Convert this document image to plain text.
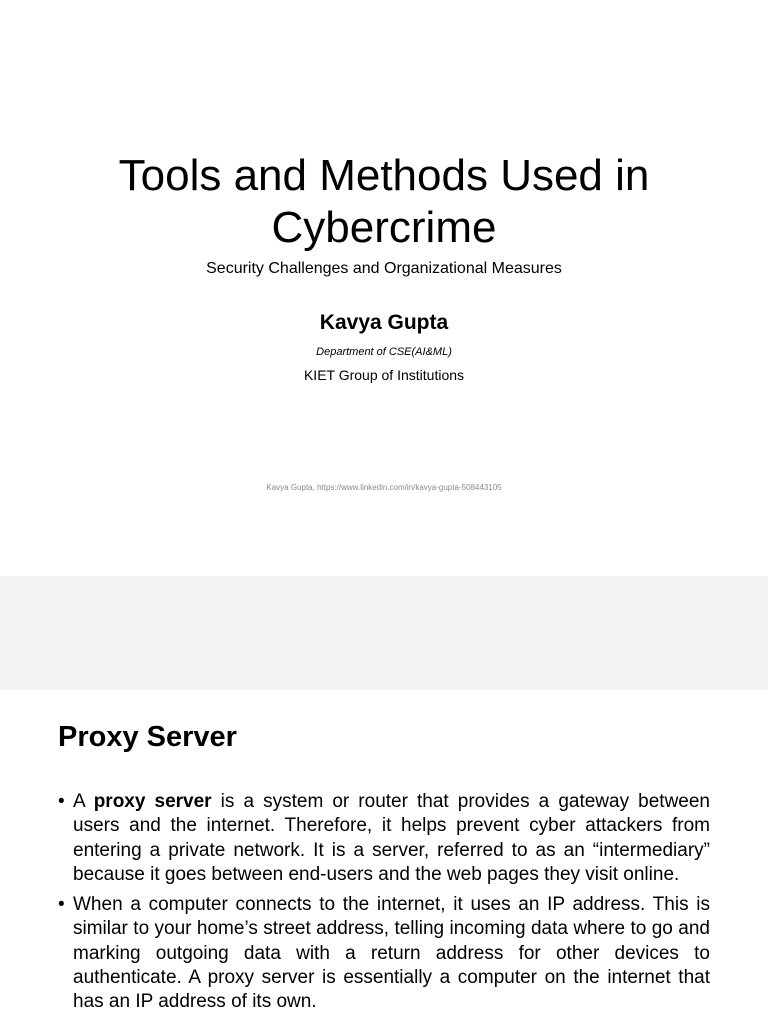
Tools and Methods Used in Cybercrime
Security Challenges and Organizational Measures
Kavya Gupta
Department of CSE(AI&ML)
KIET Group of Institutions
Kavya Gupta, https://www.linkedin.com/in/kavya-gupta-508443105
Proxy Server
• A proxy server is a system or router that provides a gateway between users and the internet. Therefore, it helps prevent cyber attackers from entering a private network. It is a server, referred to as an “intermediary” because it goes between end-users and the web pages they visit online.
• When a computer connects to the internet, it uses an IP address. This is similar to your home’s street address, telling incoming data where to go and marking outgoing data with a return address for other devices to authenticate. A proxy server is essentially a computer on the internet that has an IP address of its own.
